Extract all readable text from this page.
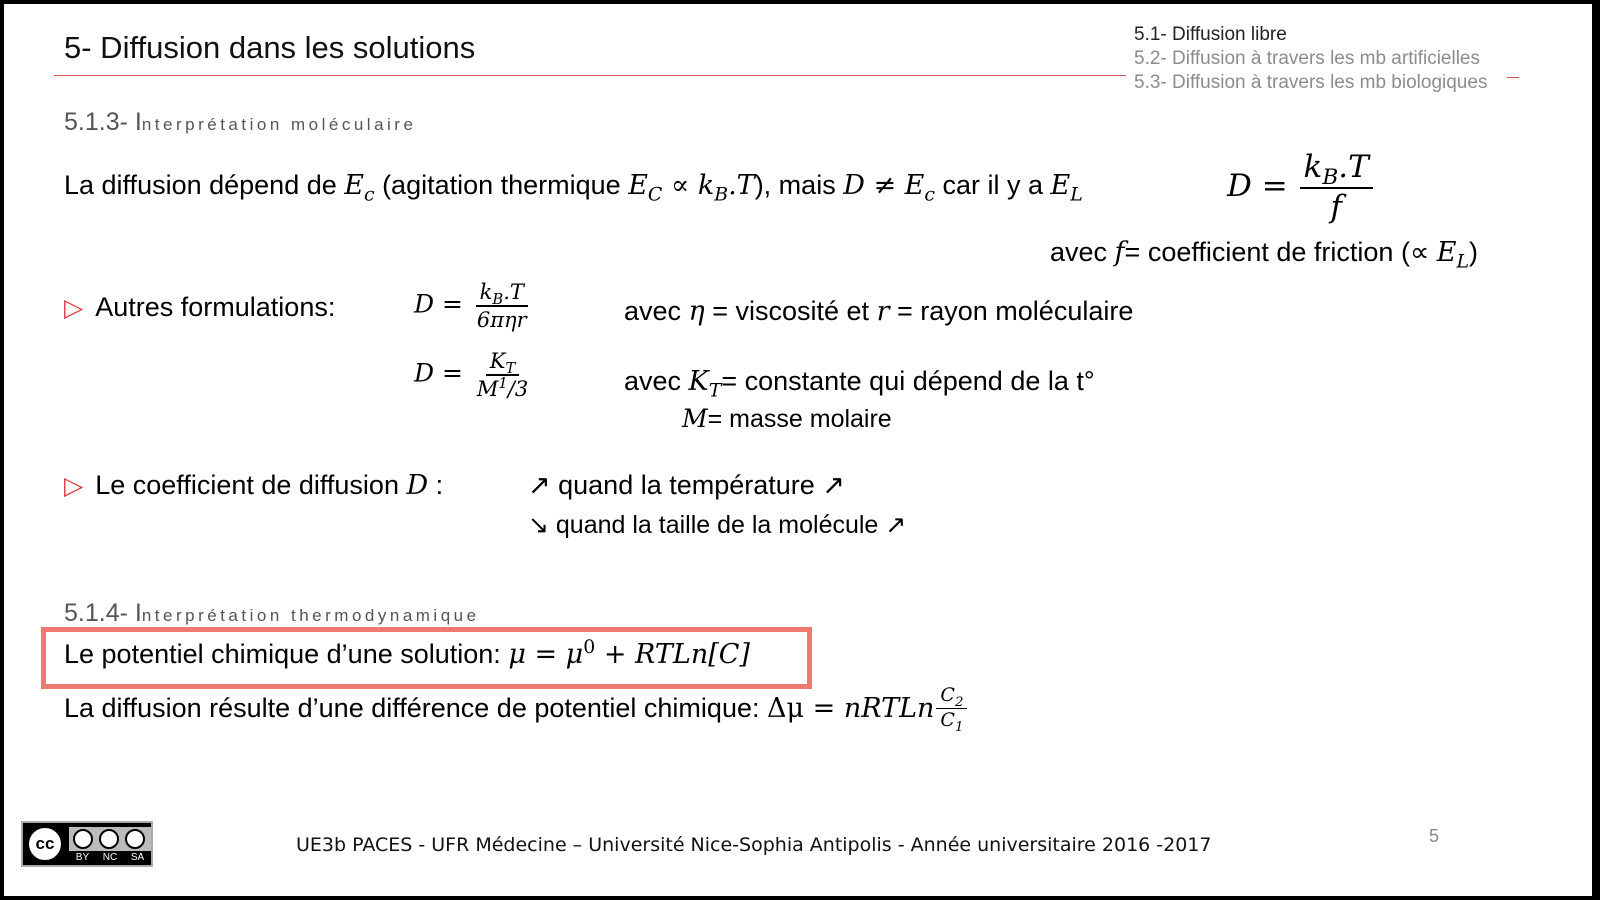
5- Diffusion dans les solutions	5.1- Diffusion libre
5.2- Diffusion à travers les mb artificielles
5.3- Diffusion à travers les mb biologiques
5.1.3- Interprétation moléculaire
La diffusion dépend de $E_c$ (agitation thermique $E_C \propto k_B.T$), mais $D \ne E_c$ car il y a $E_L$	$D = \frac{k_B.T}{f}$
avec f= coefficient de friction (∝ $E_L$)
▷ Autres formulations:	$D = \frac{k_B.T}{\text{6πηr}}$	avec η = viscosité et r = rayon moléculaire
$D = \frac{K_T}{M^1/3}$	avec $K_T=$ constante qui dépend de la t°
M= masse molaire
▷ Le coefficient de diffusion D :	↗ quand la température ↗
↘ quand la taille de la molécule ↗
5.1.4- Interprétation thermodynamique
Le potentiel chimique d’une solution: $\mu = \mu^0$ + RTLn[C]
La diffusion résulte d’une différence de potentiel chimique: Δμ = nRTLn $\frac{C_2}{C_1}$
cc
BY NC SA
UE3b PACES - UFR Médecine – Université Nice-Sophia Antipolis - Année universitaire 2016 -2017	5
